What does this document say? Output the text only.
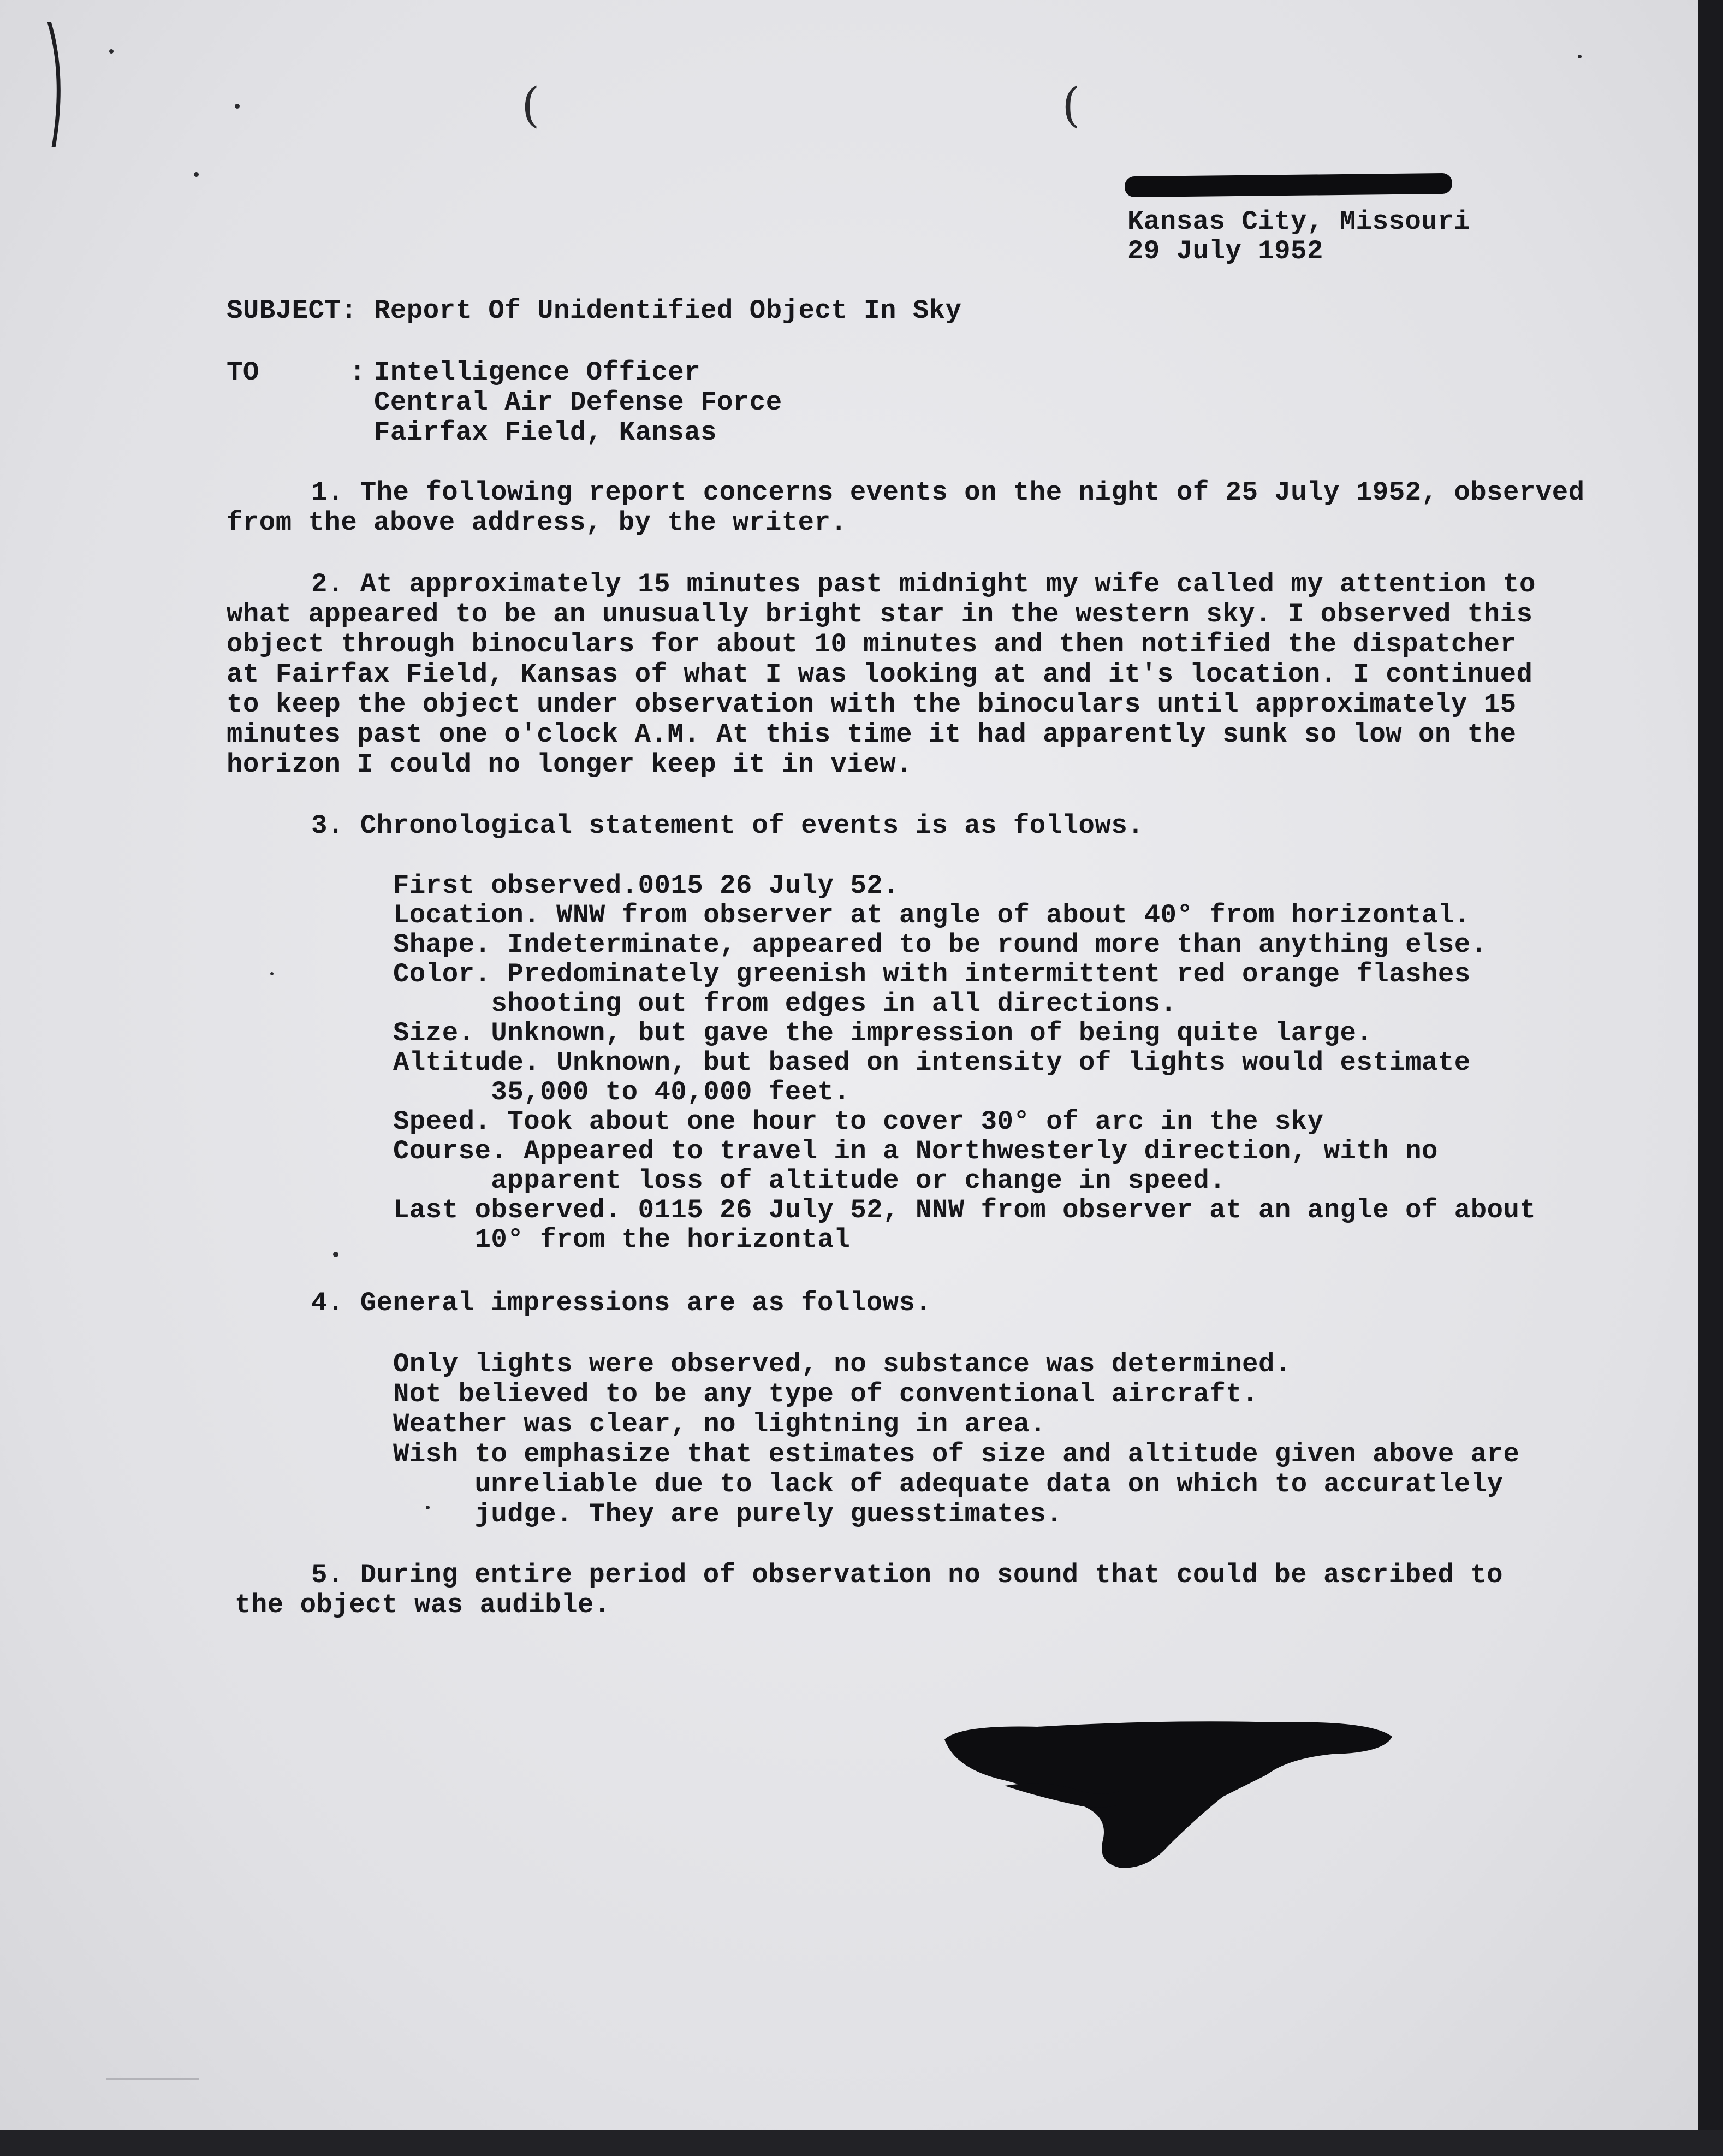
(	(
Kansas City, Missouri
29 July 1952
SUBJECT: Report Of Unidentified Object In Sky
TO	: Intelligence Officer
Central Air Defense Force
Fairfax Field, Kansas
1. The following report concerns events on the night of 25 July 1952, observed
from the above address, by the writer.
2. At approximately 15 minutes past midnight my wife called my attention to
what appeared to be an unusually bright star in the western sky. I observed this
object through binoculars for about 10 minutes and then notified the dispatcher
at Fairfax Field, Kansas of what I was looking at and it's location. I continued
to keep the object under observation with the binoculars until approximately 15
minutes past one o'clock A.M. At this time it had apparently sunk so low on the
horizon I could no longer keep it in view.
3. Chronological statement of events is as follows.
First observed.0015 26 July 52.
Location. WNW from observer at angle of about 40° from horizontal.
Shape. Indeterminate, appeared to be round more than anything else.
Color. Predominately greenish with intermittent red orange flashes
shooting out from edges in all directions.
Size. Unknown, but gave the impression of being quite large.
Altitude. Unknown, but based on intensity of lights would estimate
35,000 to 40,000 feet.
Speed. Took about one hour to cover 30° of arc in the sky
Course. Appeared to travel in a Northwesterly direction, with no
apparent loss of altitude or change in speed.
Last observed. 0115 26 July 52, NNW from observer at an angle of about
10° from the horizontal
4. General impressions are as follows.
Only lights were observed, no substance was determined.
Not believed to be any type of conventional aircraft.
Weather was clear, no lightning in area.
Wish to emphasize that estimates of size and altitude given above are
unreliable due to lack of adequate data on which to accuratlely
judge. They are purely guesstimates.
5. During entire period of observation no sound that could be ascribed to
the object was audible.
